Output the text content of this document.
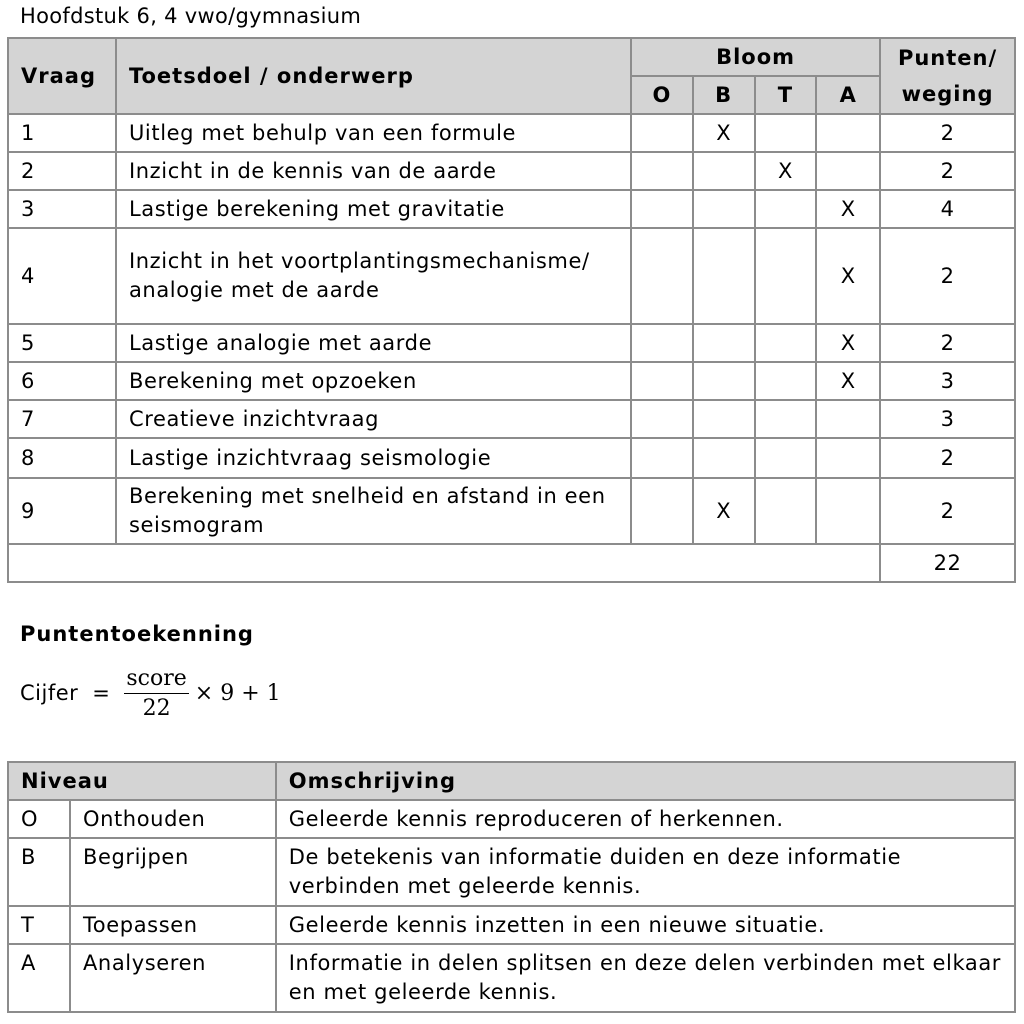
Hoofdstuk 6, 4 vwo/gymnasium
Vraag	Toetsdoel / onderwerp	Bloom				Punten/
weging
		O	B	T	A	
1	Uitleg met behulp van een formule		X			2
2	Inzicht in de kennis van de aarde			X		2
3	Lastige berekening met gravitatie				X	4
4	Inzicht in het voortplantingsmechanisme/ analogie met de aarde				X	2
5	Lastige analogie met aarde				X	2
6	Berekening met opzoeken				X	3
7	Creatieve inzichtvraag					3
8	Lastige inzichtvraag seismologie					2
9	Berekening met snelheid en afstand in een seismogram		X			2
						22
Puntentoekenning
Cijfer = $\frac{\text{score}}{22} \times 9 + 1$
Niveau		Omschrijving
O	Onthouden	Geleerde kennis reproduceren of herkennen.
B	Begrijpen	De betekenis van informatie duiden en deze informatie verbinden met geleerde kennis.
T	Toepassen	Geleerde kennis inzetten in een nieuwe situatie.
A	Analyseren	Informatie in delen splitsen en deze delen verbinden met elkaar en met geleerde kennis.
